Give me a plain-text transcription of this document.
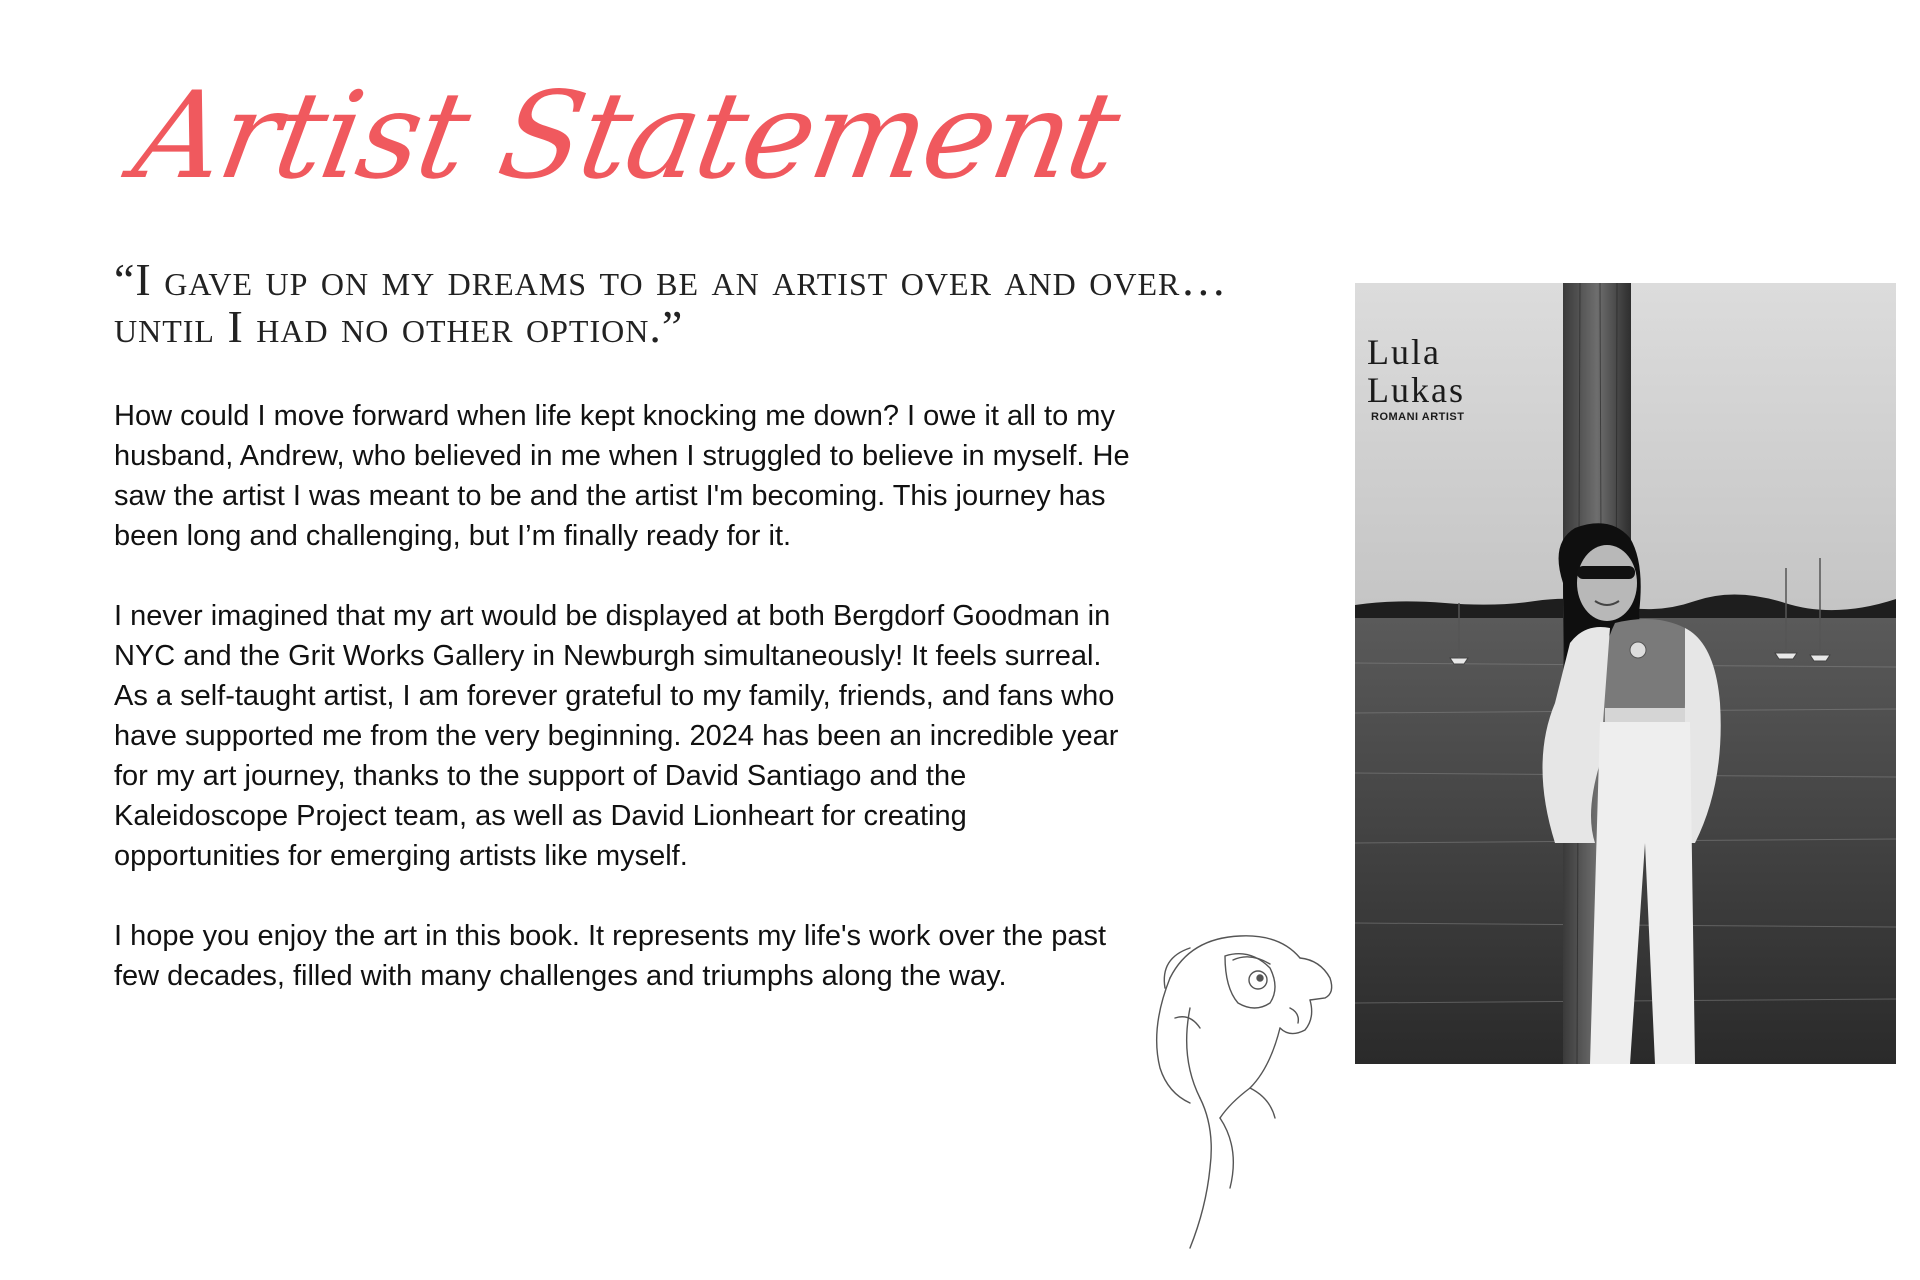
Artist Statement

“I gave up on my dreams to be an artist over and over…until I had no other option.”

How could I move forward when life kept knocking me down? I owe it all to my husband, Andrew, who believed in me when I struggled to believe in myself. He saw the artist I was meant to be and the artist I'm becoming. This journey has been long and challenging, but I’m finally ready for it.

I never imagined that my art would be displayed at both Bergdorf Goodman in NYC and the Grit Works Gallery in Newburgh simultaneously! It feels surreal. As a self-taught artist, I am forever grateful to my family, friends, and fans who have supported me from the very beginning. 2024 has been an incredible year for my art journey, thanks to the support of David Santiago and the Kaleidoscope Project team, as well as David Lionheart for creating opportunities for emerging artists like myself.

I hope you enjoy the art in this book. It represents my life's work over the past few decades, filled with many challenges and triumphs along the way.

Lula

Lukas

ROMANI ARTIST
